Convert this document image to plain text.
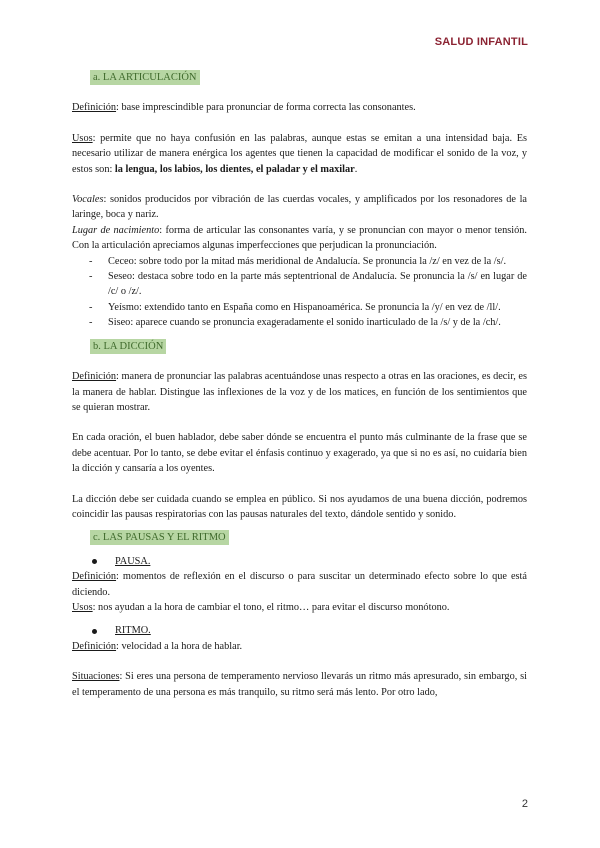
SALUD INFANTIL
a. LA ARTICULACIÓN

Definición: base imprescindible para pronunciar de forma correcta las consonantes.

Usos: permite que no haya confusión en las palabras, aunque estas se emitan a una intensidad baja. Es necesario utilizar de manera enérgica los agentes que tienen la capacidad de modificar el sonido de la voz, y estos son: la lengua, los labios, los dientes, el paladar y el maxilar.

Vocales: sonidos producidos por vibración de las cuerdas vocales, y amplificados por los resonadores de la laringe, boca y nariz.

Lugar de nacimiento: forma de articular las consonantes varía, y se pronuncian con mayor o menor tensión. Con la articulación apreciamos algunas imperfecciones que perjudican la pronunciación.

- Ceceo: sobre todo por la mitad más meridional de Andalucía. Se pronuncia la /z/ en vez de la /s/.
- Seseo: destaca sobre todo en la parte más septentrional de Andalucía. Se pronuncia la /s/ en lugar de /c/ o /z/.
- Yeísmo: extendido tanto en España como en Hispanoamérica. Se pronuncia la /y/ en vez de /ll/.
- Siseo: aparece cuando se pronuncia exageradamente el sonido inarticulado de la /s/ y de la /ch/.
b. LA DICCIÓN

Definición: manera de pronunciar las palabras acentuándose unas respecto a otras en las oraciones, es decir, es la manera de hablar. Distingue las inflexiones de la voz y de los matices, en función de los sentimientos que se quieran mostrar.

En cada oración, el buen hablador, debe saber dónde se encuentra el punto más culminante de la frase que se debe acentuar. Por lo tanto, se debe evitar el énfasis continuo y exagerado, ya que si no es así, no cuidaría bien la dicción y cansaría a los oyentes.

La dicción debe ser cuidada cuando se emplea en público. Si nos ayudamos de una buena dicción, podremos coincidir las pausas respiratorias con las pausas naturales del texto, dándole sentido y sonido.

c. LAS PAUSAS Y EL RITMO
PAUSA.

Definición: momentos de reflexión en el discurso o para suscitar un determinado efecto sobre lo que está diciendo.

Usos: nos ayudan a la hora de cambiar el tono, el ritmo… para evitar el discurso monótono.

RITMO.

Definición: velocidad a la hora de hablar.

Situaciones: Si eres una persona de temperamento nervioso llevarás un ritmo más apresurado, sin embargo, si el temperamento de una persona es más tranquilo, su ritmo será más lento. Por otro lado,

2
